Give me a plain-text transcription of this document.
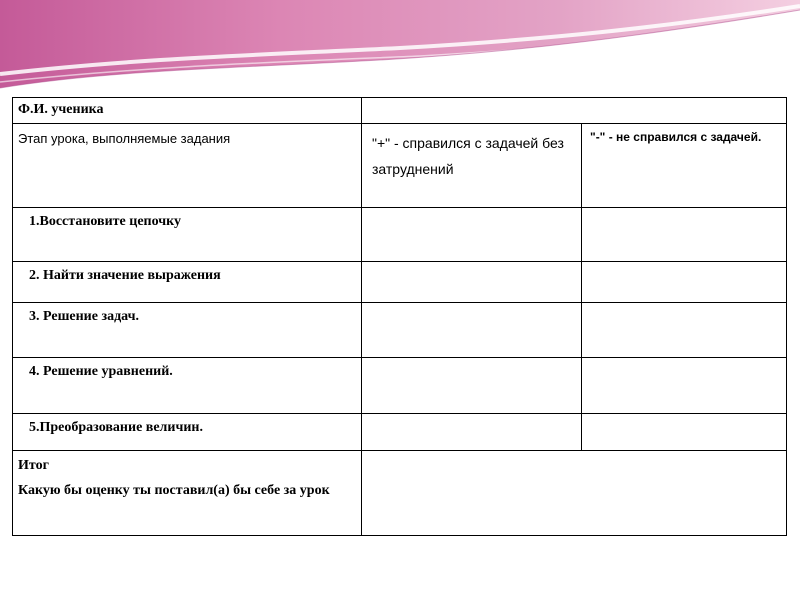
Ф.И. ученика		
Этап урока, выполняемые задания	"+" - справился с задачей без затруднений	"-" - не справился с задачей.
1.Восстановите цепочку		
2. Найти значение выражения		
3. Решение задач.		
4. Решение уравнений.		
5.Преобразование величин.		

Итог
Какую бы оценку ты поставил(а) бы себе за урок		
